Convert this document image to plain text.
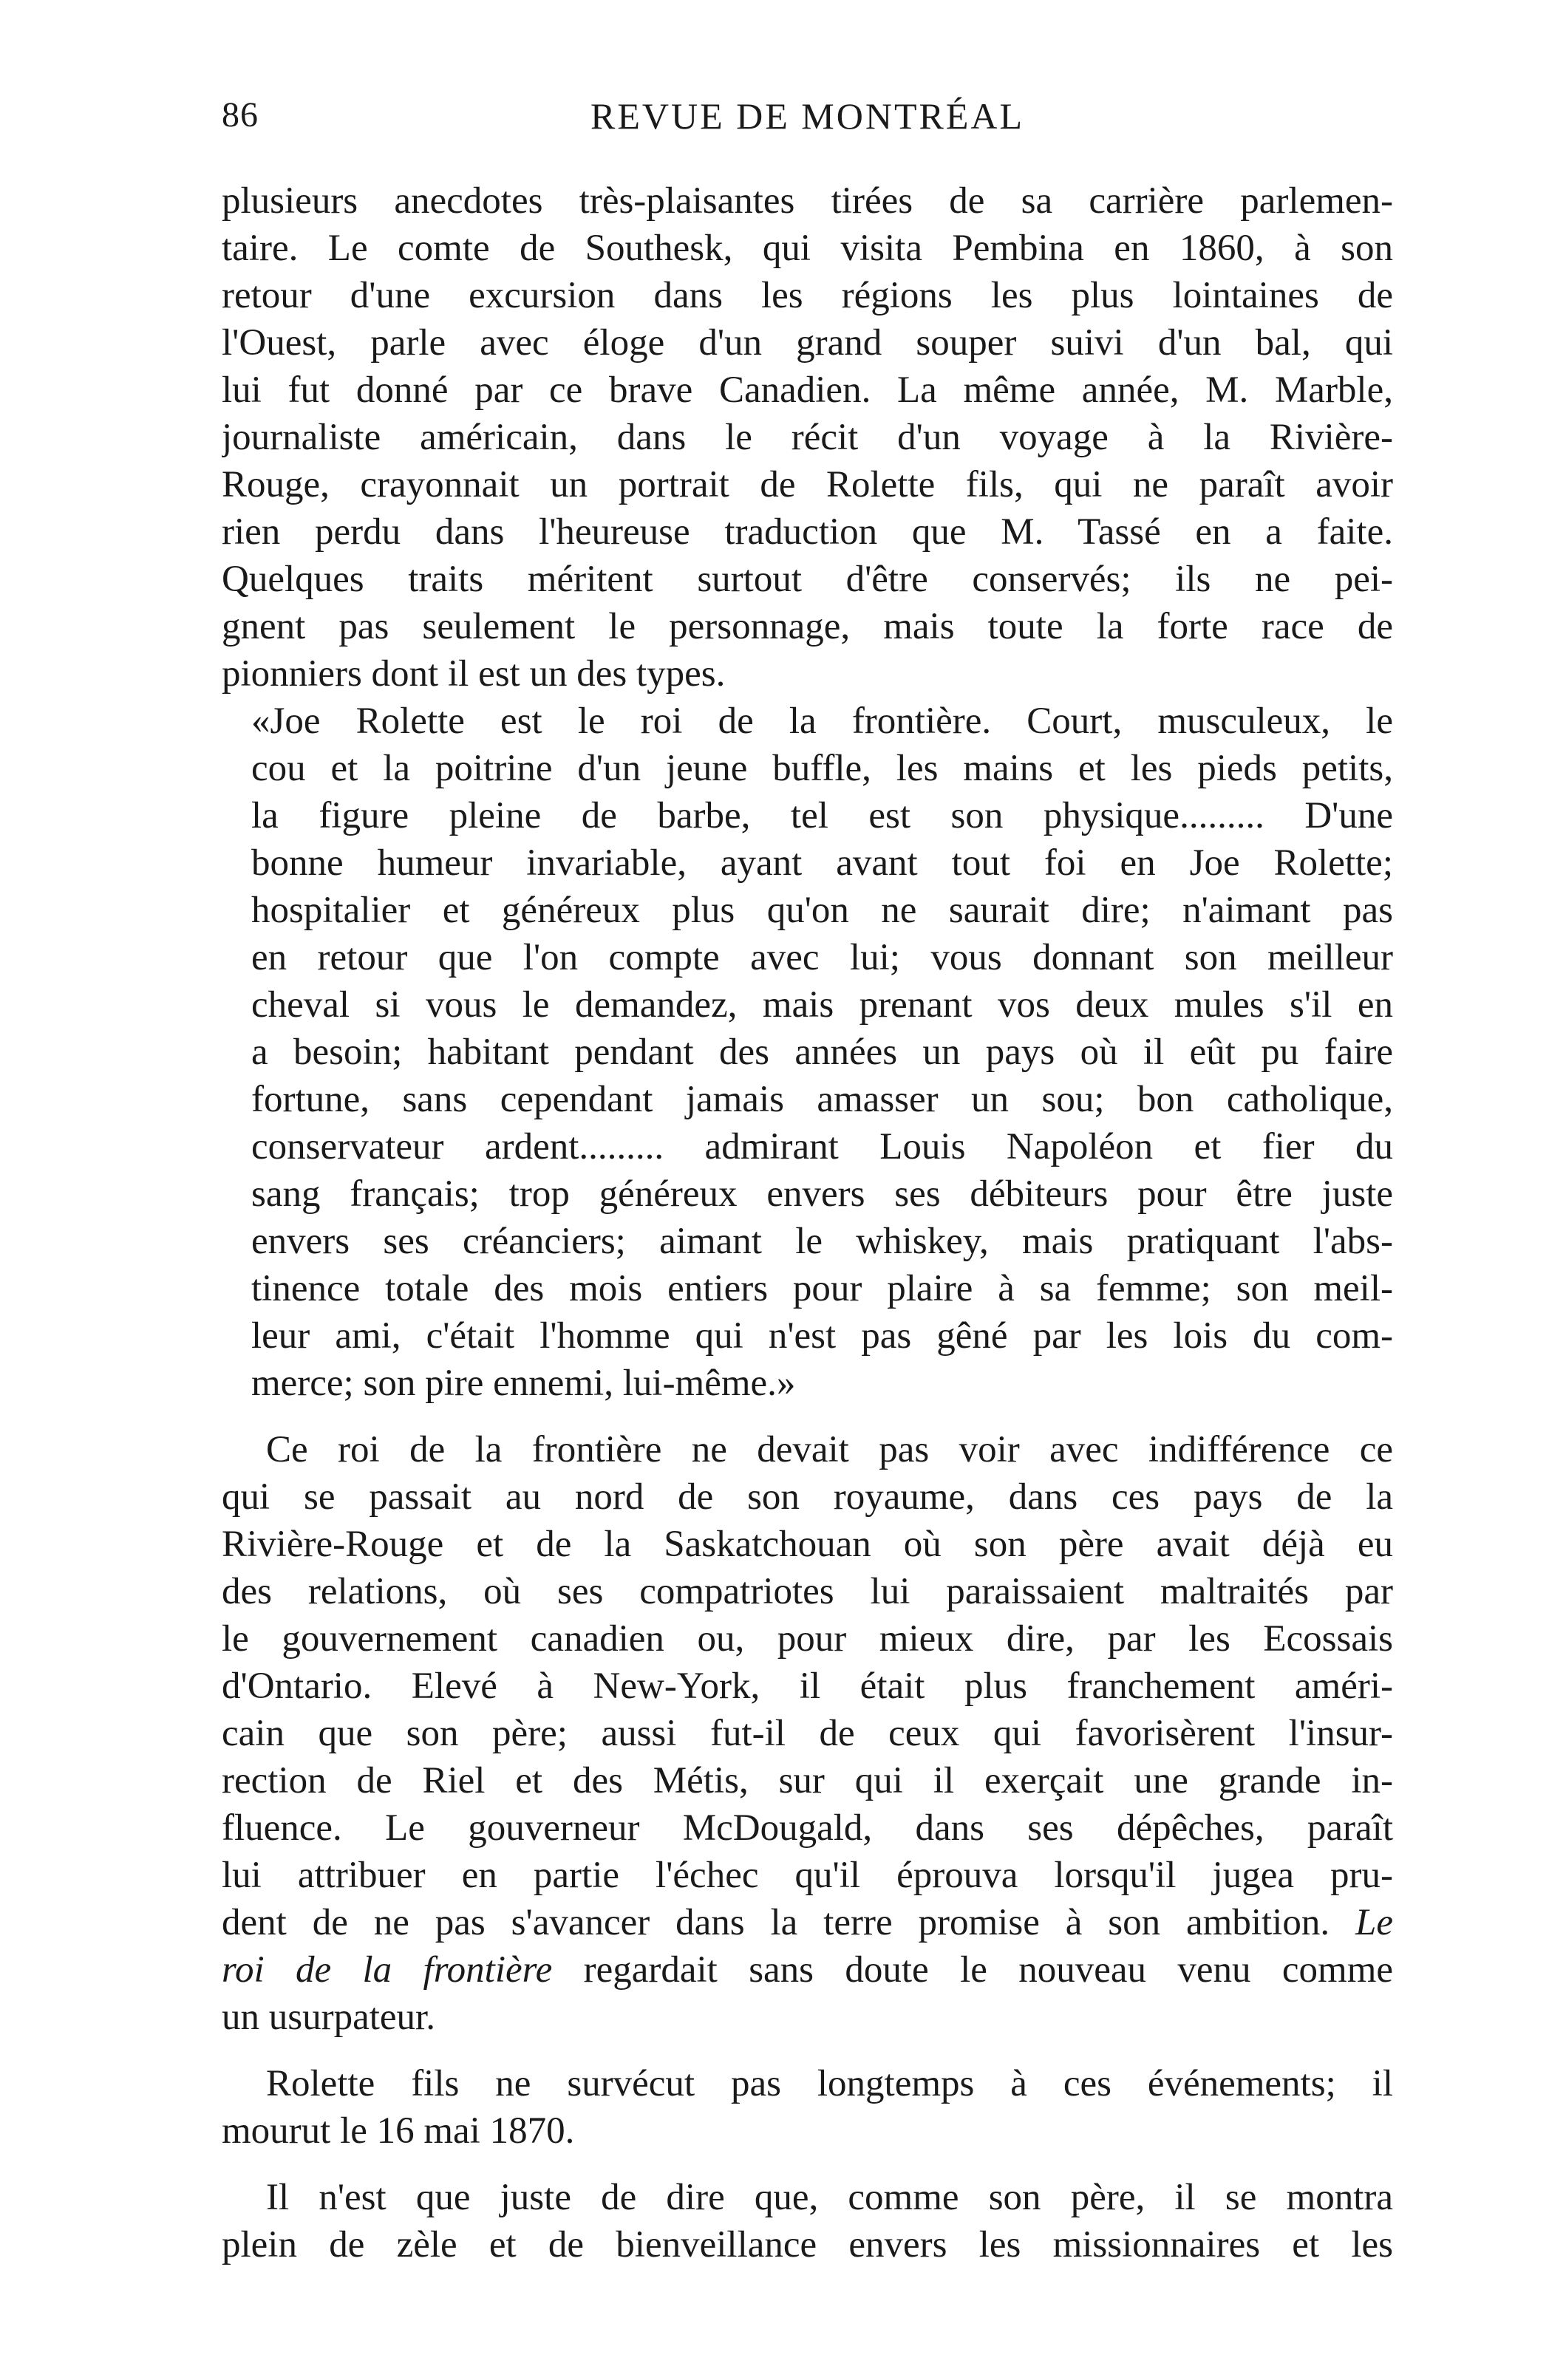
86	REVUE DE MONTRÉAL
plusieurs anecdotes très-plaisantes tirées de sa carrière parlemen-
taire. Le comte de Southesk, qui visita Pembina en 1860, à son
retour d'une excursion dans les régions les plus lointaines de
l'Ouest, parle avec éloge d'un grand souper suivi d'un bal, qui
lui fut donné par ce brave Canadien. La même année, M. Marble,
journaliste américain, dans le récit d'un voyage à la Rivière-
Rouge, crayonnait un portrait de Rolette fils, qui ne paraît avoir
rien perdu dans l'heureuse traduction que M. Tassé en a faite.
Quelques traits méritent surtout d'être conservés; ils ne pei-
gnent pas seulement le personnage, mais toute la forte race de
pionniers dont il est un des types.
«Joe Rolette est le roi de la frontière. Court, musculeux, le
cou et la poitrine d'un jeune buffle, les mains et les pieds petits,
la figure pleine de barbe, tel est son physique......... D'une
bonne humeur invariable, ayant avant tout foi en Joe Rolette;
hospitalier et généreux plus qu'on ne saurait dire; n'aimant pas
en retour que l'on compte avec lui; vous donnant son meilleur
cheval si vous le demandez, mais prenant vos deux mules s'il en
a besoin; habitant pendant des années un pays où il eût pu faire
fortune, sans cependant jamais amasser un sou; bon catholique,
conservateur ardent......... admirant Louis Napoléon et fier du
sang français; trop généreux envers ses débiteurs pour être juste
envers ses créanciers; aimant le whiskey, mais pratiquant l'abs-
tinence totale des mois entiers pour plaire à sa femme; son meil-
leur ami, c'était l'homme qui n'est pas gêné par les lois du com-
merce; son pire ennemi, lui-même.»
Ce roi de la frontière ne devait pas voir avec indifférence ce
qui se passait au nord de son royaume, dans ces pays de la
Rivière-Rouge et de la Saskatchouan où son père avait déjà eu
des relations, où ses compatriotes lui paraissaient maltraités par
le gouvernement canadien ou, pour mieux dire, par les Ecossais
d'Ontario. Elevé à New-York, il était plus franchement améri-
cain que son père; aussi fut-il de ceux qui favorisèrent l'insur-
rection de Riel et des Métis, sur qui il exerçait une grande in-
fluence. Le gouverneur McDougald, dans ses dépêches, paraît
lui attribuer en partie l'échec qu'il éprouva lorsqu'il jugea pru-
dent de ne pas s'avancer dans la terre promise à son ambition. Le
roi de la frontière regardait sans doute le nouveau venu comme
un usurpateur.
Rolette fils ne survécut pas longtemps à ces événements; il
mourut le 16 mai 1870.
Il n'est que juste de dire que, comme son père, il se montra
plein de zèle et de bienveillance envers les missionnaires et les
